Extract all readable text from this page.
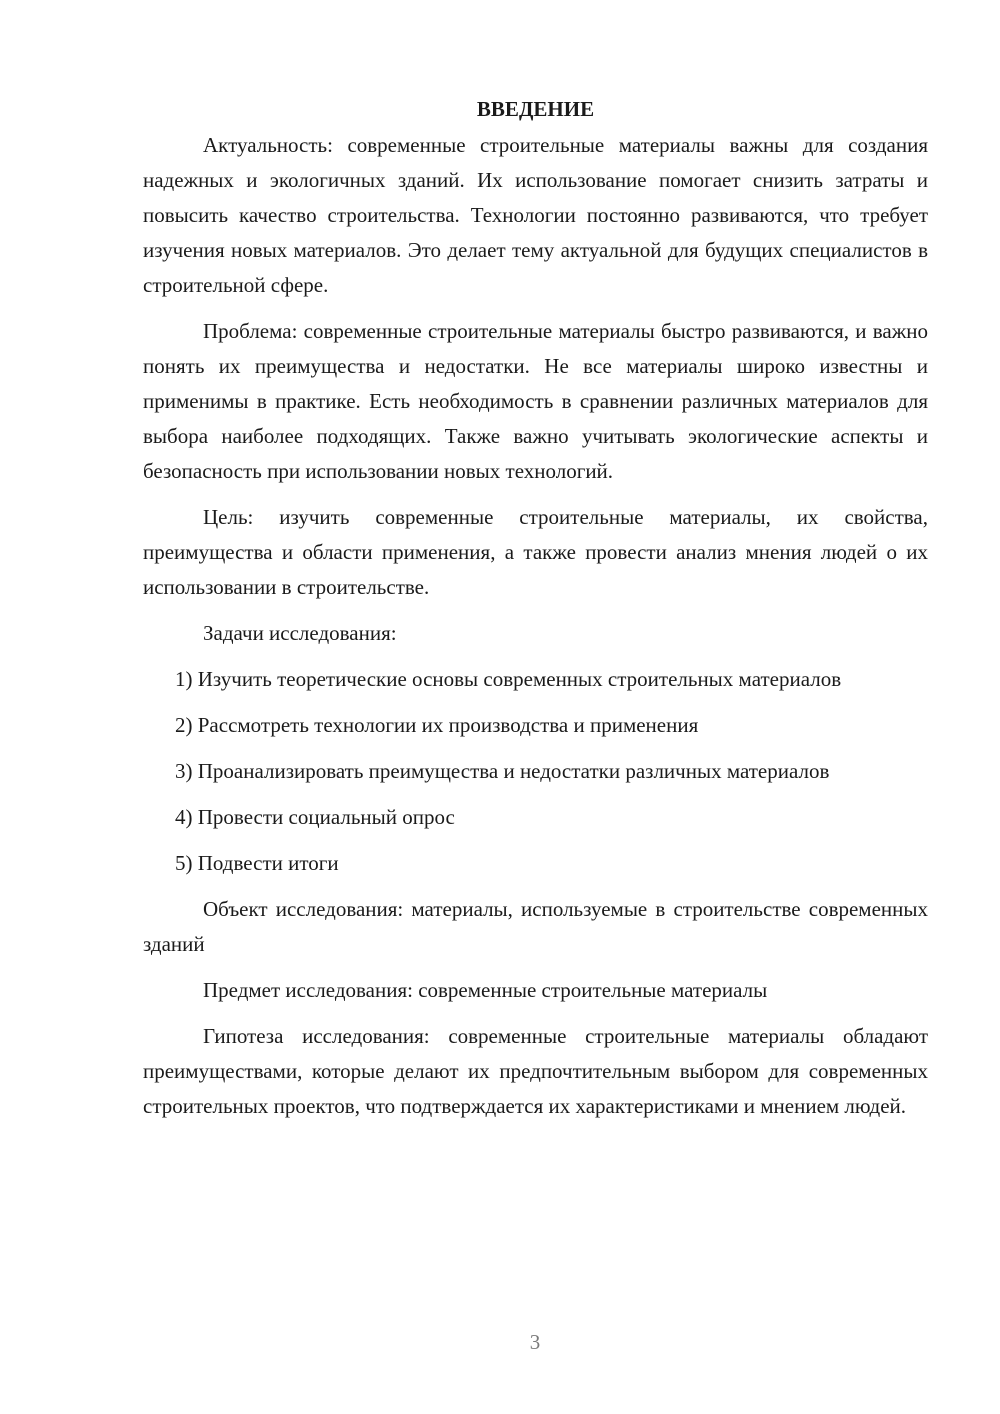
ВВЕДЕНИЕ

Актуальность: современные строительные материалы важны для создания надежных и экологичных зданий. Их использование помогает снизить затраты и повысить качество строительства. Технологии постоянно развиваются, что требует изучения новых материалов. Это делает тему актуальной для будущих специалистов в строительной сфере.

Проблема: современные строительные материалы быстро развиваются, и важно понять их преимущества и недостатки. Не все материалы широко известны и применимы в практике. Есть необходимость в сравнении различных материалов для выбора наиболее подходящих. Также важно учитывать экологические аспекты и безопасность при использовании новых технологий.

Цель: изучить современные строительные материалы, их свойства, преимущества и области применения, а также провести анализ мнения людей о их использовании в строительстве.

Задачи исследования:

1) Изучить теоретические основы современных строительных материалов

2) Рассмотреть технологии их производства и применения

3) Проанализировать преимущества и недостатки различных материалов

4) Провести социальный опрос

5) Подвести итоги

Объект исследования: материалы, используемые в строительстве современных зданий

Предмет исследования: современные строительные материалы

Гипотеза исследования: современные строительные материалы обладают преимуществами, которые делают их предпочтительным выбором для современных строительных проектов, что подтверждается их характеристиками и мнением людей.

3
